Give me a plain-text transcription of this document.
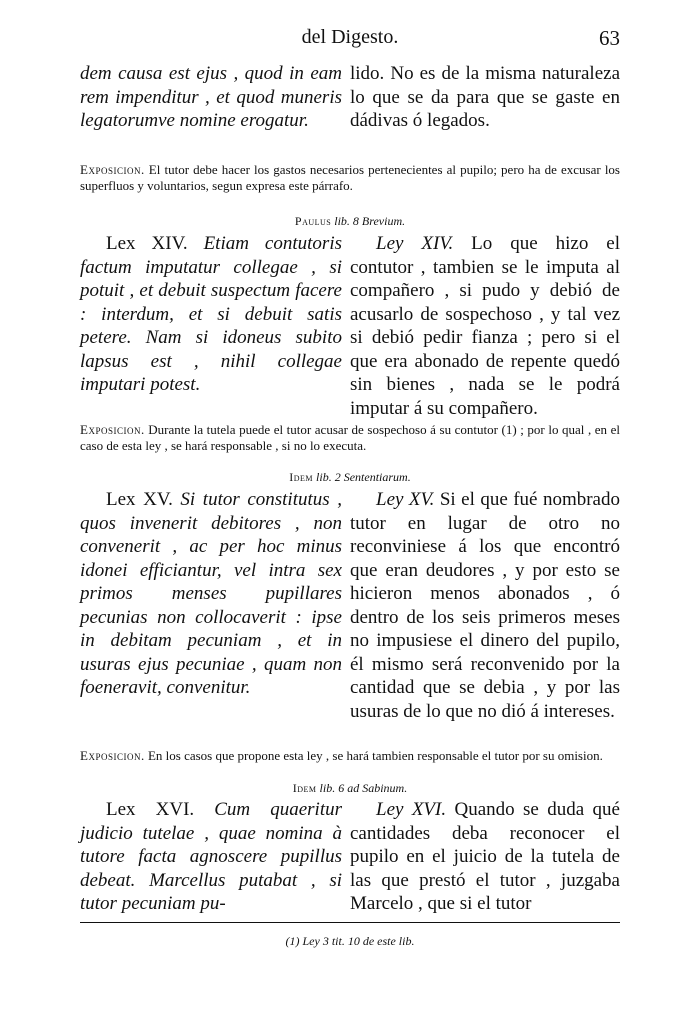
del Digesto.	63

dem causa est ejus , quod in eam rem impenditur , et quod muneris legatorumve nomine erogatur.

lido. No es de la misma naturaleza lo que se da para que se gaste en dádivas ó legados.

Exposicion. El tutor debe hacer los gastos necesarios pertenecientes al pupilo; pero ha de excusar los superfluos y voluntarios, segun expresa este párrafo.
Paulus lib. 8 Brevium.

Lex XIV. Etiam contutoris factum imputatur collegae , si potuit , et debuit suspectum facere : interdum, et si debuit satis petere. Nam si idoneus subito lapsus est , nihil collegae imputari potest.

Ley XIV. Lo que hizo el contutor , tambien se le imputa al compañero , si pudo y debió de acusarlo de sospechoso , y tal vez si debió pedir fianza ; pero si el que era abonado de repente quedó sin bienes , nada se le podrá imputar á su compañero.

Exposicion. Durante la tutela puede el tutor acusar de sospechoso á su contutor (1) ; por lo qual , en el caso de esta ley , se hará responsable , si no lo executa.
Idem lib. 2 Sententiarum.

Lex XV. Si tutor constitutus , quos invenerit debitores , non convenerit , ac per hoc minus idonei efficiantur, vel intra sex primos menses pupillares pecunias non collocaverit : ipse in debitam pecuniam , et in usuras ejus pecuniae , quam non foeneravit, convenitur.

Ley XV. Si el que fué nombrado tutor en lugar de otro no reconviniese á los que encontró que eran deudores , y por esto se hicieron menos abonados , ó dentro de los seis primeros meses no impusiese el dinero del pupilo, él mismo será reconvenido por la cantidad que se debia , y por las usuras de lo que no dió á intereses.

Exposicion. En los casos que propone esta ley , se hará tambien responsable el tutor por su omision.
Idem lib. 6 ad Sabinum.

Lex XVI. Cum quaeritur judicio tutelae , quae nomina à tutore facta agnoscere pupillus debeat. Marcellus putabat , si tutor pecuniam pu-

Ley XVI. Quando se duda qué cantidades deba reconocer el pupilo en el juicio de la tutela de las que prestó el tutor , juzgaba Marcelo , que si el tutor

(1) Ley 3 tit. 10 de este lib.
